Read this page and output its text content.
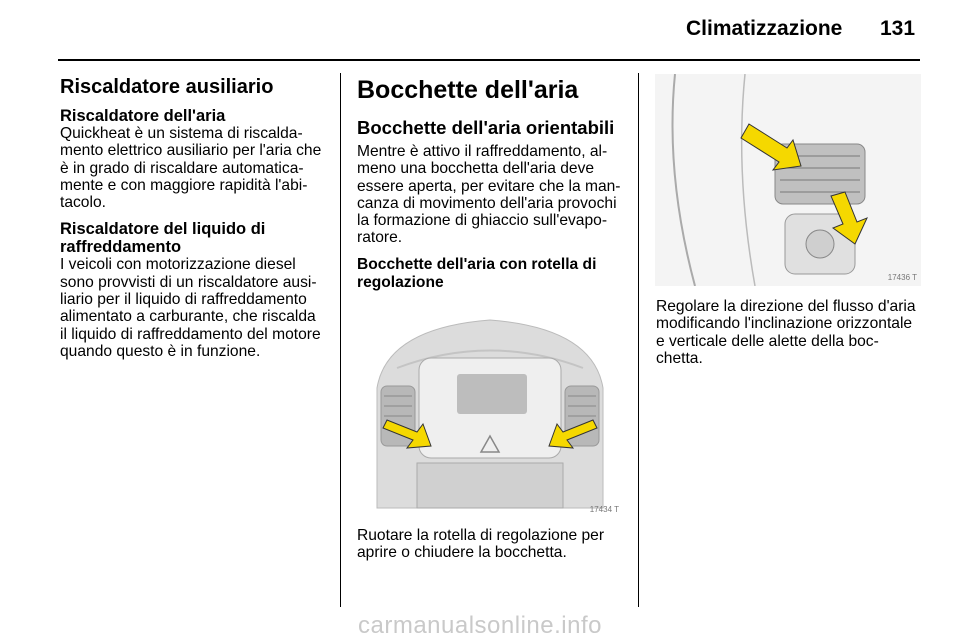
Climatizzazione 131
Riscaldatore ausiliario
Riscaldatore dell'aria

Quickheat è un sistema di riscalda-mento elettrico ausiliario per l'aria che è in grado di riscaldare automatica-mente e con maggiore rapidità l'abi-tacolo.

Riscaldatore del liquido di raffreddamento

I veicoli con motorizzazione diesel sono provvisti di un riscaldatore ausi-liario per il liquido di raffreddamento alimentato a carburante, che riscalda il liquido di raffreddamento del motore quando questo è in funzione.

Bocchette dell'aria
Bocchette dell'aria orientabili

Mentre è attivo il raffreddamento, al-meno una bocchetta dell'aria deve essere aperta, per evitare che la man-canza di movimento dell'aria provochi la formazione di ghiaccio sull'evapo-ratore.

Bocchette dell'aria con rotella di regolazione

17434 T

Ruotare la rotella di regolazione per aprire o chiudere la bocchetta.

17436 T

Regolare la direzione del flusso d'aria modificando l'inclinazione orizzontale e verticale delle alette della boc-chetta.

carmanualsonline.info
